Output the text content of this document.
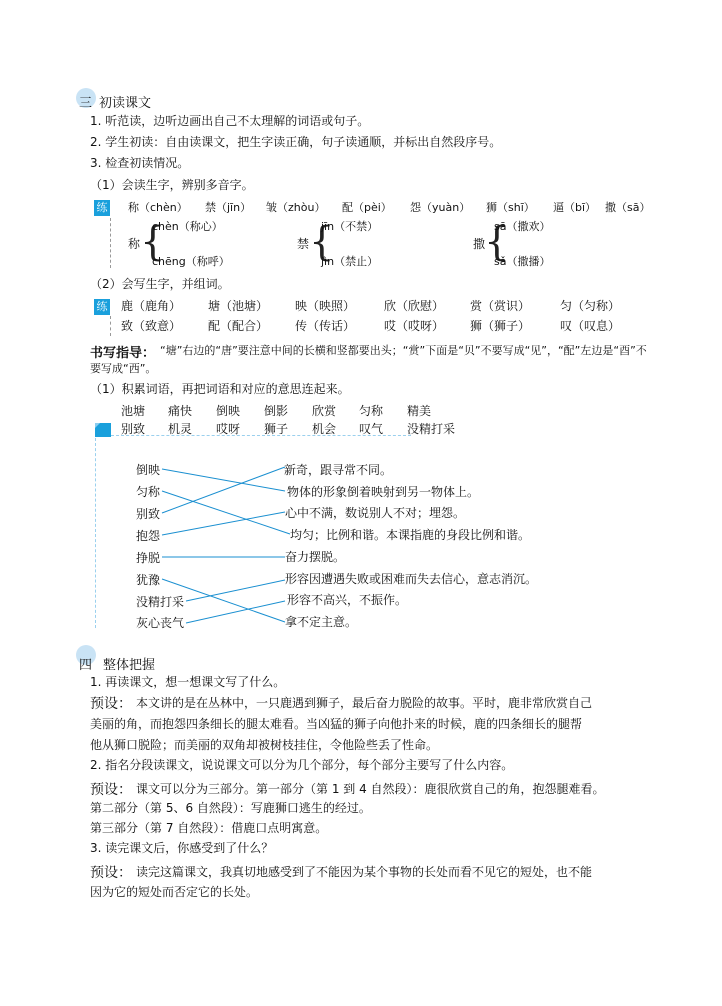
三 初读课文
1. 听范读，边听边画出自己不太理解的词语或句子。
2. 学生初读：自由读课文，把生字读正确，句子读通顺，并标出自然段序号。
3. 检查初读情况。
（1）会读生字，辨别多音字。
练 称（chèn） 禁（jīn） 皱（zhòu） 配（pèi） 怨（yuàn） 狮（shī） 逼（bī） 撒（sā）
称 {
chèn（称心）
chēng（称呼）
禁 {
jīn（不禁）
jìn（禁止）
撒
{
sā（撒欢）
sǎ（撒播）
（2）会写生字，并组词。
练 鹿（鹿角） 塘（池塘） 映（映照） 欣（欣慰） 赏（赏识） 匀（匀称）
致（致意） 配（配合） 传（传话） 哎（哎呀） 狮（狮子） 叹（叹息）
书写指导： “塘”右边的“唐”要注意中间的长横和竖都要出头；“赏”下面是“贝”不要写成“见”，“配”左边是“酉”不
要写成“西”。
（1）积累词语，再把词语和对应的意思连起来。
池塘 痛快 倒映 倒影 欣赏 匀称 精美
别致 机灵 哎呀 狮子 机会 叹气 没精打采
倒映
匀称
别致
抱怨
挣脱
犹豫
没精打采
灰心丧气
新奇，跟寻常不同。
物体的形象倒着映射到另一物体上。
心中不满，数说别人不对；埋怨。
均匀；比例和谐。本课指鹿的身段比例和谐。
奋力摆脱。
形容因遭遇失败或困难而失去信心，意志消沉。
形容不高兴，不振作。
拿不定主意。
四 整体把握
1. 再读课文，想一想课文写了什么。
预设： 本文讲的是在丛林中，一只鹿遇到狮子，最后奋力脱险的故事。平时，鹿非常欣赏自己
美丽的角，而抱怨四条细长的腿太难看。当凶猛的狮子向他扑来的时候，鹿的四条细长的腿帮
他从狮口脱险；而美丽的双角却被树枝挂住，令他险些丢了性命。
2. 指名分段读课文，说说课文可以分为几个部分，每个部分主要写了什么内容。
预设： 课文可以分为三部分。第一部分（第 1 到 4 自然段）：鹿很欣赏自己的角，抱怨腿难看。
第二部分（第 5、6 自然段）：写鹿狮口逃生的经过。
第三部分（第 7 自然段）：借鹿口点明寓意。
3. 读完课文后，你感受到了什么？
预设： 读完这篇课文，我真切地感受到了不能因为某个事物的长处而看不见它的短处，也不能
因为它的短处而否定它的长处。
